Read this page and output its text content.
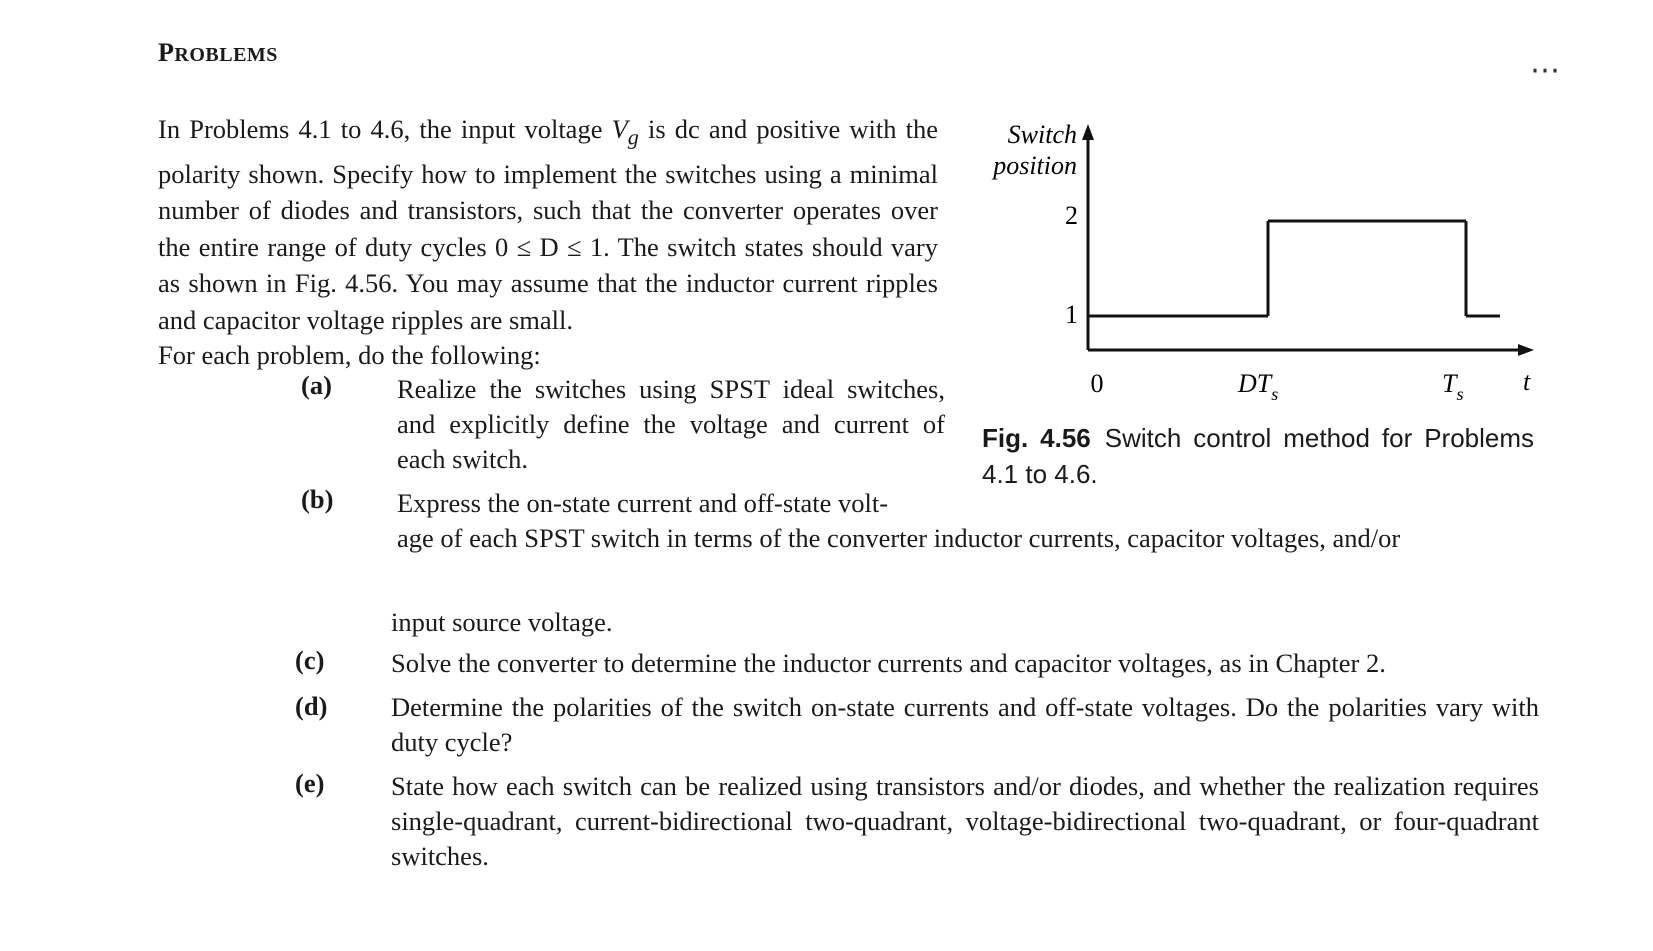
PROBLEMS	⋯

In Problems 4.1 to 4.6, the input voltage $V_g$ is dc and positive with the polarity shown. Specify how to implement the switches using a minimal number of diodes and transistors, such that the converter operates over the entire range of duty cycles 0 ≤ D ≤ 1. The switch states should vary as shown in Fig. 4.56. You may assume that the inductor current ripples and capacitor voltage ripples are small.

For each problem, do the following:
(a) Realize the switches using SPST ideal switches, and explicitly define the voltage and current of each switch.
(b) Express the on-state current and off-state volt-
age of each SPST switch in terms of the converter inductor currents, capacitor voltages, and/or
input source voltage.
(c)	Solve the converter to determine the inductor currents and capacitor voltages, as in Chapter 2.
(d) Determine the polarities of the switch on-state currents and off-state voltages. Do the polarities vary with duty cycle?
(e)	State how each switch can be realized using transistors and/or diodes, and whether the realization requires single-quadrant, current-bidirectional two-quadrant, voltage-bidirectional two-quadrant, or four-quadrant switches.
Switch
position
2
1
0	$DT_s$	$T_s$ t
Fig. 4.56 Switch control method for Problems 4.1 to 4.6.
